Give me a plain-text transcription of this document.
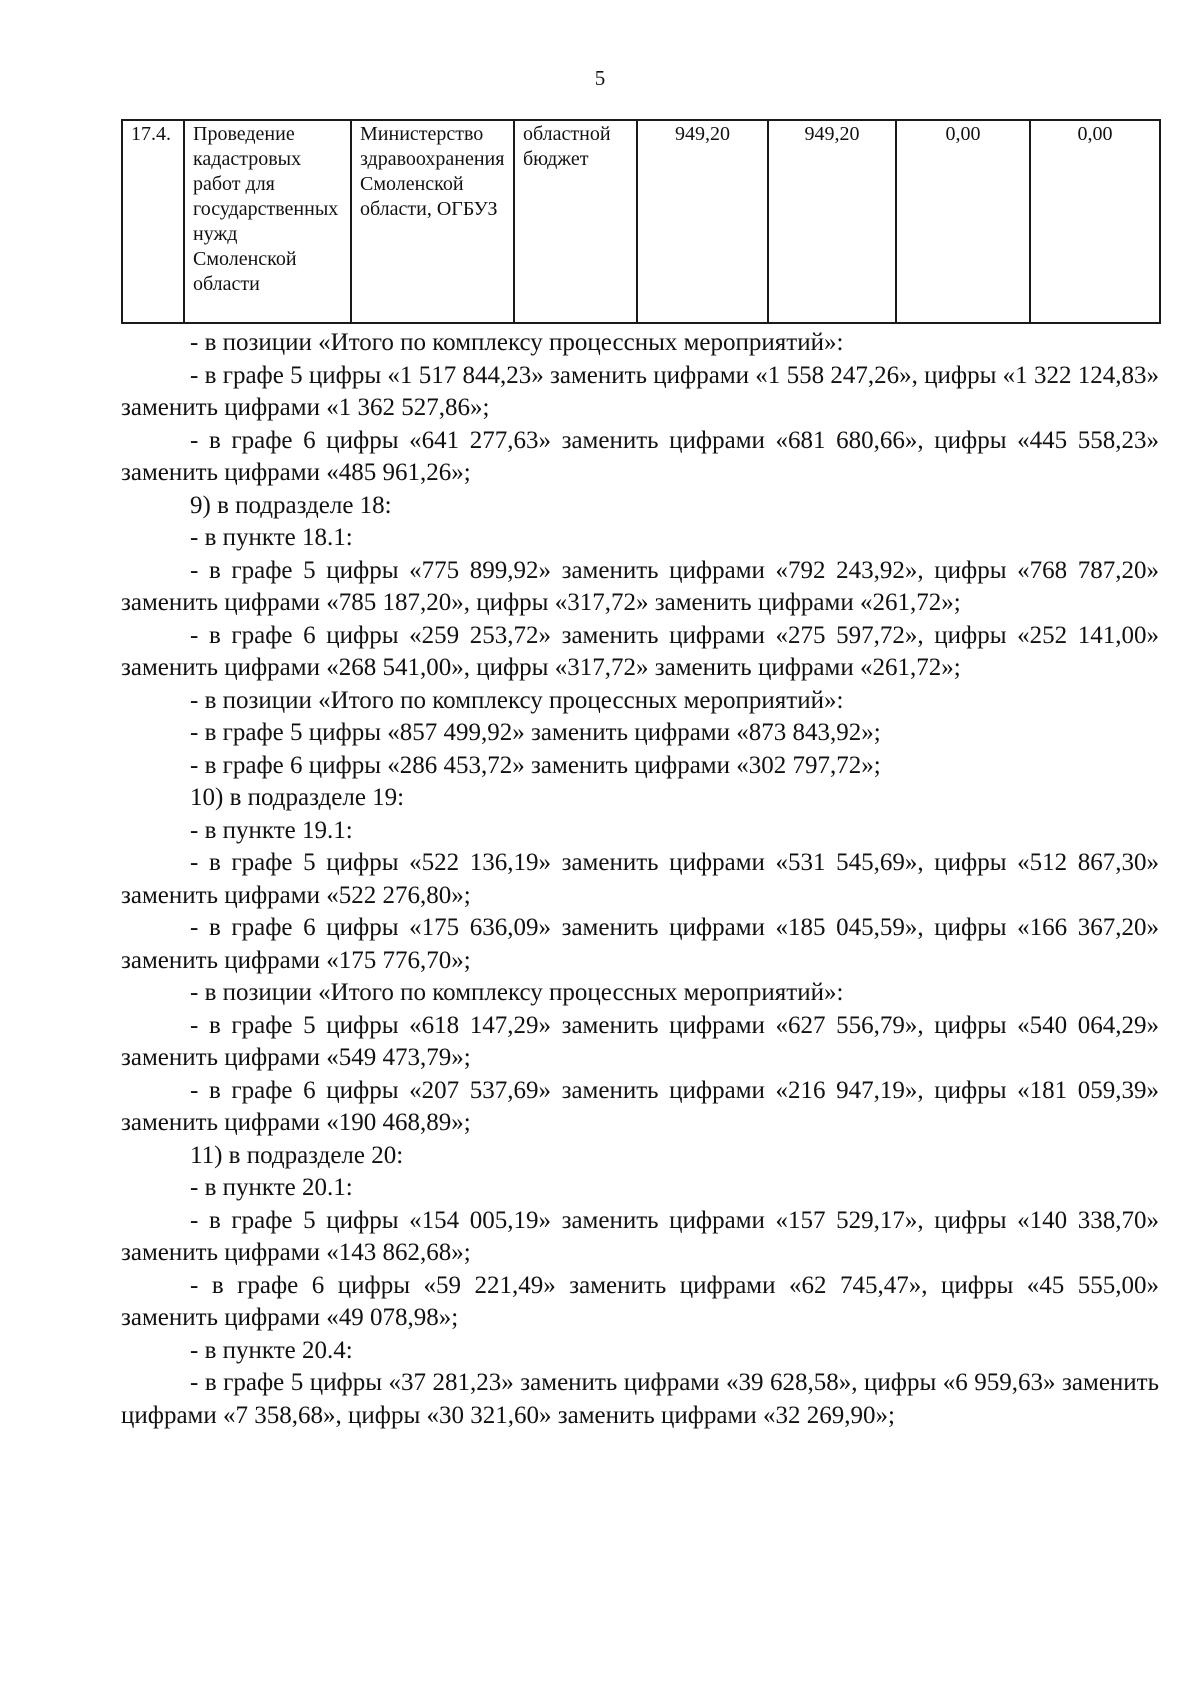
5
17.4.	Проведение кадастровых работ для государственных нужд Смоленской области	Министерство здравоохранения Смоленской области, ОГБУЗ	областной бюджет	949,20	949,20	0,00	0,00

- в позиции «Итого по комплексу процессных мероприятий»:

- в графе 5 цифры «1 517 844,23» заменить цифрами «1 558 247,26», цифры «1 322 124,83» заменить цифрами «1 362 527,86»;

- в графе 6 цифры «641 277,63» заменить цифрами «681 680,66», цифры «445 558,23» заменить цифрами «485 961,26»;

9) в подразделе 18:

- в пункте 18.1:

- в графе 5 цифры «775 899,92» заменить цифрами «792 243,92», цифры «768 787,20» заменить цифрами «785 187,20», цифры «317,72» заменить цифрами «261,72»;

- в графе 6 цифры «259 253,72» заменить цифрами «275 597,72», цифры «252 141,00» заменить цифрами «268 541,00», цифры «317,72» заменить цифрами «261,72»;

- в позиции «Итого по комплексу процессных мероприятий»:

- в графе 5 цифры «857 499,92» заменить цифрами «873 843,92»;

- в графе 6 цифры «286 453,72» заменить цифрами «302 797,72»;

10) в подразделе 19:

- в пункте 19.1:

- в графе 5 цифры «522 136,19» заменить цифрами «531 545,69», цифры «512 867,30» заменить цифрами «522 276,80»;

- в графе 6 цифры «175 636,09» заменить цифрами «185 045,59», цифры «166 367,20» заменить цифрами «175 776,70»;

- в позиции «Итого по комплексу процессных мероприятий»:

- в графе 5 цифры «618 147,29» заменить цифрами «627 556,79», цифры «540 064,29» заменить цифрами «549 473,79»;

- в графе 6 цифры «207 537,69» заменить цифрами «216 947,19», цифры «181 059,39» заменить цифрами «190 468,89»;

11) в подразделе 20:

- в пункте 20.1:

- в графе 5 цифры «154 005,19» заменить цифрами «157 529,17», цифры «140 338,70» заменить цифрами «143 862,68»;

- в графе 6 цифры «59 221,49» заменить цифрами «62 745,47», цифры «45 555,00» заменить цифрами «49 078,98»;

- в пункте 20.4:

- в графе 5 цифры «37 281,23» заменить цифрами «39 628,58», цифры «6 959,63» заменить цифрами «7 358,68», цифры «30 321,60» заменить цифрами «32 269,90»;
